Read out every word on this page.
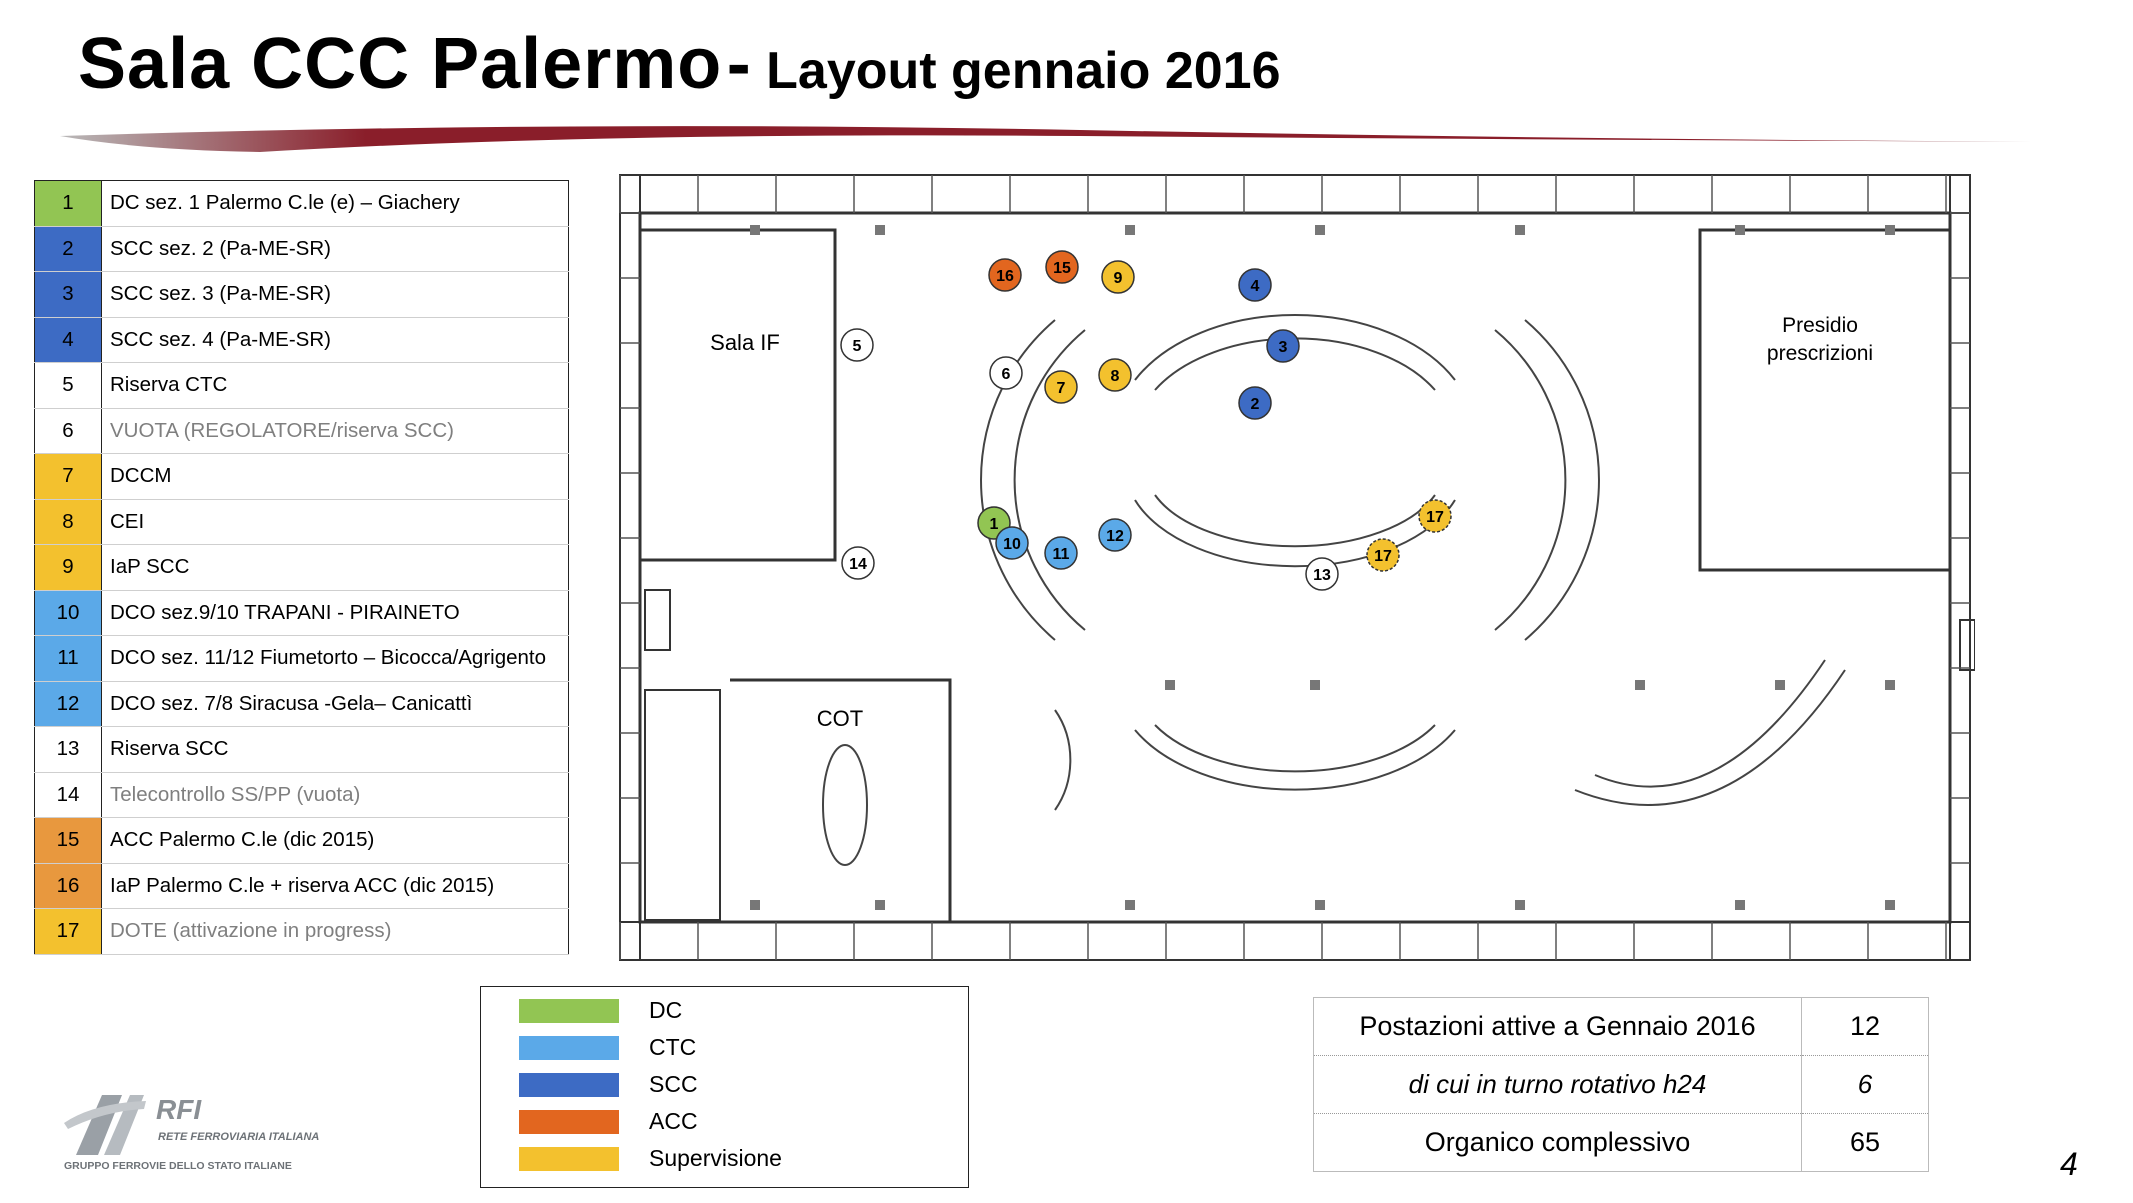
Sala CCC Palermo - Layout gennaio 2016
1	DC sez. 1 Palermo C.le (e) – Giachery
2	SCC sez. 2 (Pa-ME-SR)
3	SCC sez. 3 (Pa-ME-SR)
4	SCC sez. 4 (Pa-ME-SR)
5	Riserva CTC
6	VUOTA (REGOLATORE/riserva SCC)
7	DCCM
8	CEI
9	IaP SCC
10	DCO sez.9/10 TRAPANI - PIRAINETO
11	DCO sez. 11/12 Fiumetorto – Bicocca/Agrigento
12	DCO sez. 7/8 Siracusa -Gela– Canicattì
13	Riserva SCC
14	Telecontrollo SS/PP (vuota)
15	ACC Palermo C.le (dic 2015)
16	IaP Palermo C.le + riserva ACC (dic 2015)
17	DOTE (attivazione in progress)
Sala IF
Presidio
prescrizioni
COT
16 15
9	4
3
2
5
6
7
8
1
10
11
12
14
13
17
17
DC
CTC
SCC
ACC
Supervisione
Postazioni attive a Gennaio 2016	12
di cui in turno rotativo h24	6
Organico complessivo	65
RFI
RETE FERROVIARIA ITALIANA
GRUPPO FERROVIE DELLO STATO ITALIANE	4
